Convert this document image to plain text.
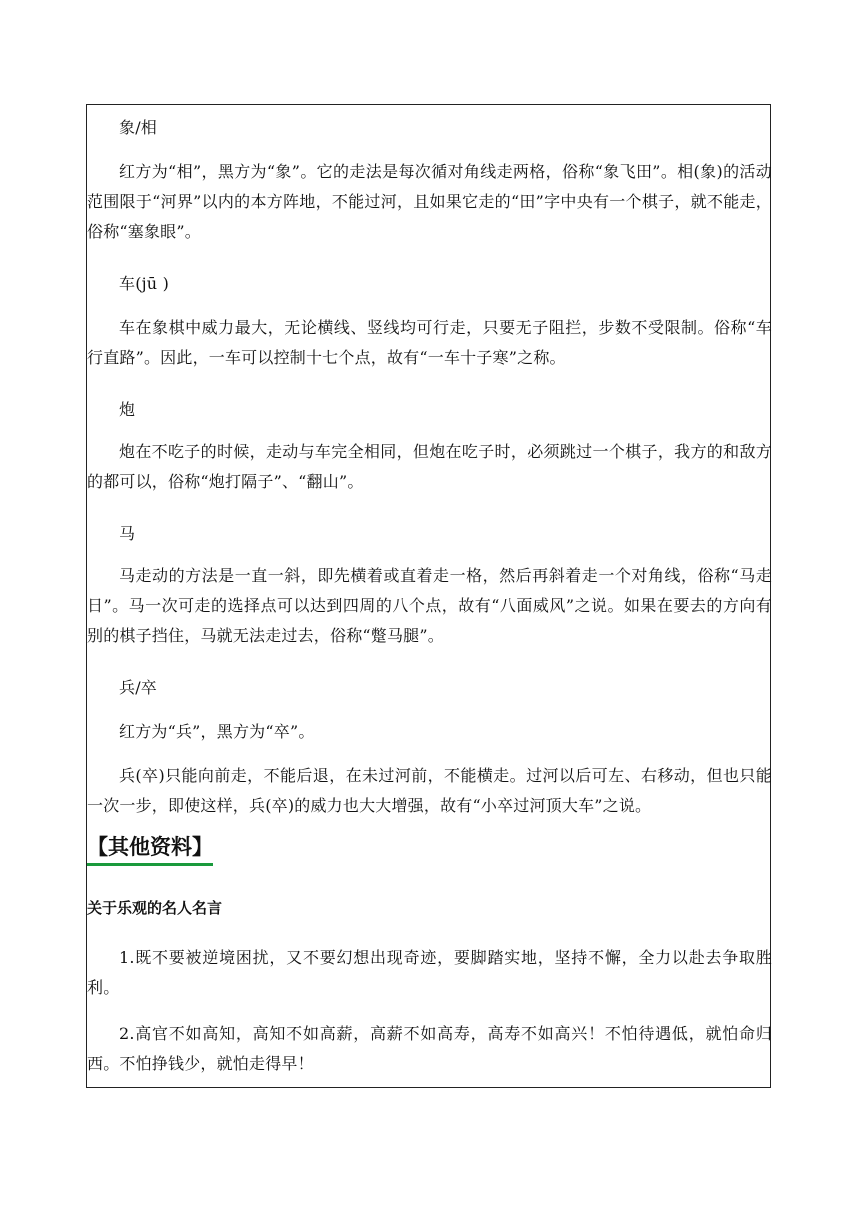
象/相

红方为“相”，黑方为“象”。它的走法是每次循对角线走两格，俗称“象飞田”。相(象)的活动范围限于“河界”以内的本方阵地，不能过河，且如果它走的“田”字中央有一个棋子，就不能走，俗称“塞象眼”。

车(jū )

车在象棋中威力最大，无论横线、竖线均可行走，只要无子阻拦，步数不受限制。俗称“车行直路”。因此，一车可以控制十七个点，故有“一车十子寒”之称。

炮

炮在不吃子的时候，走动与车完全相同，但炮在吃子时，必须跳过一个棋子，我方的和敌方的都可以，俗称“炮打隔子”、“翻山”。

马

马走动的方法是一直一斜，即先横着或直着走一格，然后再斜着走一个对角线，俗称“马走日”。马一次可走的选择点可以达到四周的八个点，故有“八面威风”之说。如果在要去的方向有别的棋子挡住，马就无法走过去，俗称“蹩马腿”。

兵/卒

红方为“兵”，黑方为“卒”。

兵(卒)只能向前走，不能后退，在未过河前，不能横走。过河以后可左、右移动，但也只能一次一步，即使这样，兵(卒)的威力也大大增强，故有“小卒过河顶大车”之说。

【其他资料】
关于乐观的名人名言

1.既不要被逆境困扰，又不要幻想出现奇迹，要脚踏实地，坚持不懈，全力以赴去争取胜利。

2.高官不如高知，高知不如高薪，高薪不如高寿，高寿不如高兴！不怕待遇低，就怕命归西。不怕挣钱少，就怕走得早！
